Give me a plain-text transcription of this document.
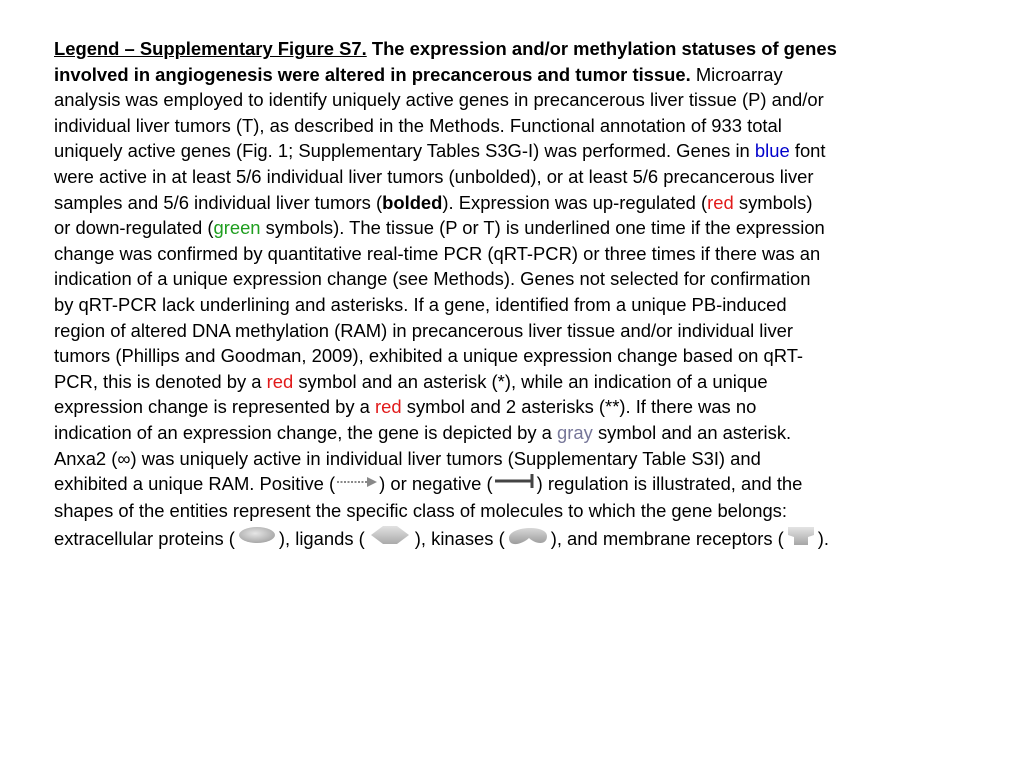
Legend – Supplementary Figure S7. The expression and/or methylation statuses of genes
involved in angiogenesis were altered in precancerous and tumor tissue. Microarray
analysis was employed to identify uniquely active genes in precancerous liver tissue (P) and/or
individual liver tumors (T), as described in the Methods. Functional annotation of 933 total
uniquely active genes (Fig. 1; Supplementary Tables S3G-I) was performed. Genes in blue font
were active in at least 5/6 individual liver tumors (unbolded), or at least 5/6 precancerous liver
samples and 5/6 individual liver tumors (bolded). Expression was up-regulated (red symbols)
or down-regulated (green symbols). The tissue (P or T) is underlined one time if the expression
change was confirmed by quantitative real-time PCR (qRT-PCR) or three times if there was an
indication of a unique expression change (see Methods). Genes not selected for confirmation
by qRT-PCR lack underlining and asterisks. If a gene, identified from a unique PB-induced
region of altered DNA methylation (RAM) in precancerous liver tissue and/or individual liver
tumors (Phillips and Goodman, 2009), exhibited a unique expression change based on qRT-
PCR, this is denoted by a red symbol and an asterisk (*), while an indication of a unique
expression change is represented by a red symbol and 2 asterisks (**). If there was no
indication of an expression change, the gene is depicted by a gray symbol and an asterisk.
Anxa2 (∞) was uniquely active in individual liver tumors (Supplementary Table S3I) and
exhibited a unique RAM. Positive ( ) or negative ( ) regulation is illustrated, and the
shapes of the entities represent the specific class of molecules to which the gene belongs:
extracellular proteins ( ), ligands (	), kinases (	), and membrane receptors ( ).
